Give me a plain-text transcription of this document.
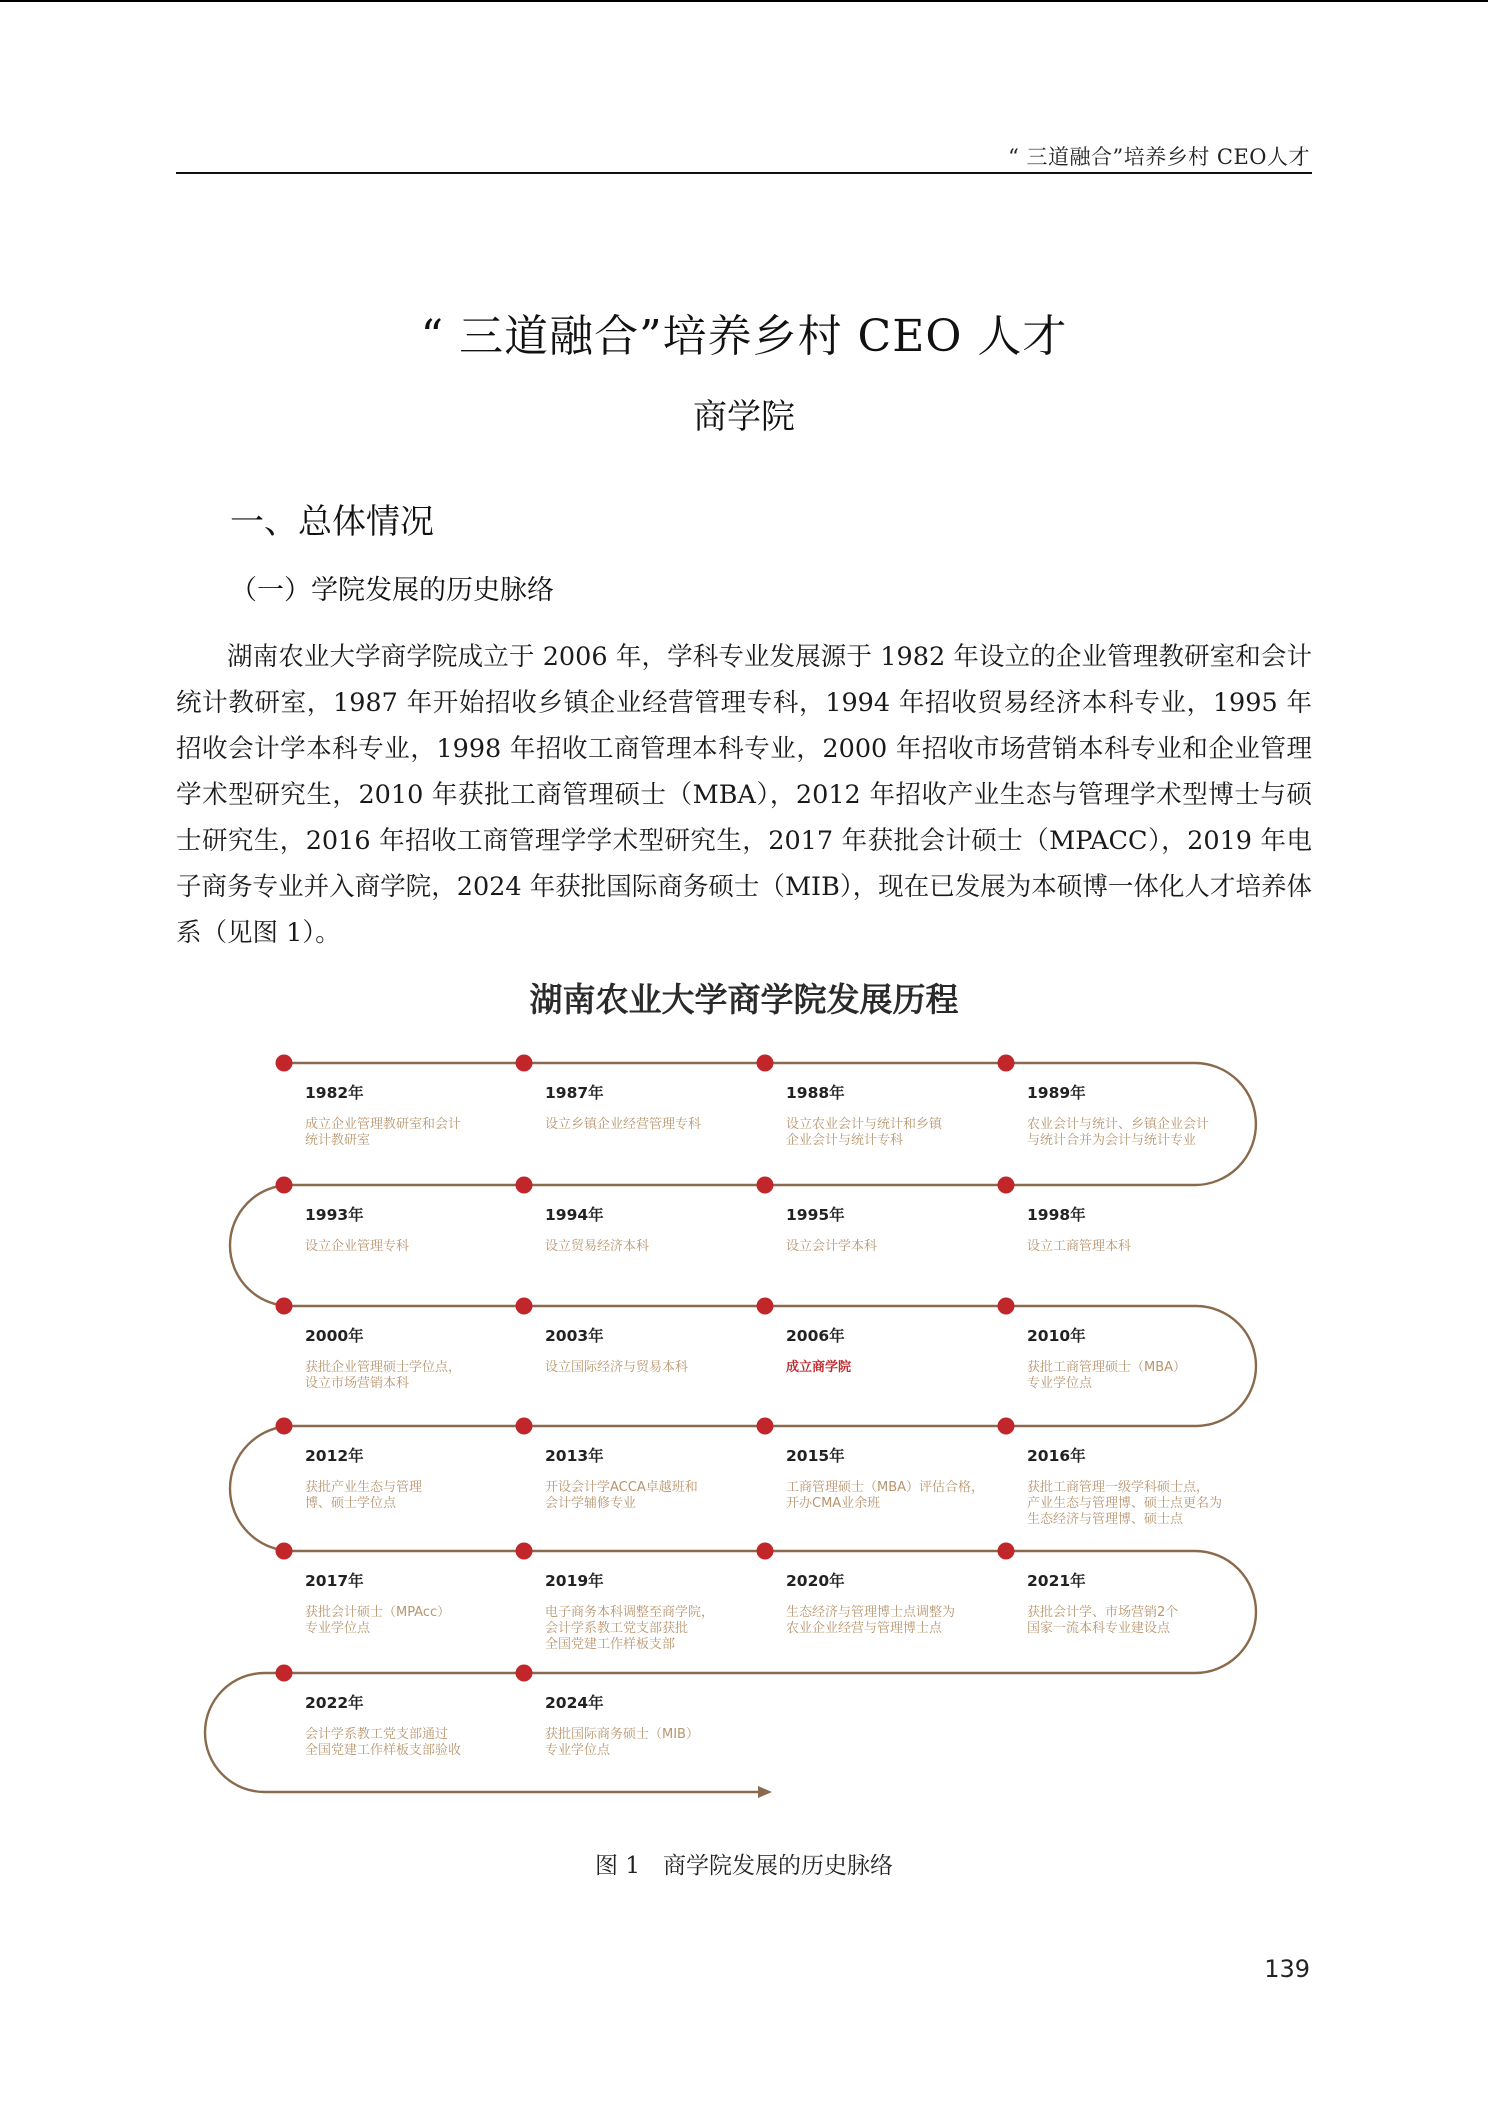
“ 三道融合”培养乡村 CEO人才
“ 三道融合”培养乡村 CEO 人才
商学院
一、总体情况
（一）学院发展的历史脉络

湖南农业大学商学院成立于 2006 年，学科专业发展源于 1982 年设立的企业管理教研室和会计统计教研室，1987 年开始招收乡镇企业经营管理专科，1994 年招收贸易经济本科专业，1995 年招收会计学本科专业，1998 年招收工商管理本科专业，2000 年招收市场营销本科专业和企业管理学术型研究生，2010 年获批工商管理硕士（MBA），2012 年招收产业生态与管理学术型博士与硕士研究生，2016 年招收工商管理学学术型研究生，2017 年获批会计硕士（MPACC），2019 年电子商务专业并入商学院，2024 年获批国际商务硕士（MIB），现在已发展为本硕博一体化人才培养体系（见图 1）。

湖南农业大学商学院发展历程
1982年
成立企业管理教研室和会计
统计教研室
1987年
设立乡镇企业经营管理专科
1988年
设立农业会计与统计和乡镇
企业会计与统计专科
1989年
农业会计与统计、乡镇企业会计
与统计合并为会计与统计专业
1993年
设立企业管理专科
1994年
设立贸易经济本科
1995年
设立会计学本科
1998年
设立工商管理本科
2000年
获批企业管理硕士学位点，
设立市场营销本科
2003年
设立国际经济与贸易本科
2006年
成立商学院
2010年
获批工商管理硕士（MBA）
专业学位点
2012年
获批产业生态与管理
博、硕士学位点
2013年
开设会计学ACCA卓越班和
会计学辅修专业
2015年
工商管理硕士（MBA）评估合格，
开办CMA业余班
2016年
获批工商管理一级学科硕士点，
产业生态与管理博、硕士点更名为
生态经济与管理博、硕士点
2017年
获批会计硕士（MPAcc）
专业学位点
2019年
电子商务本科调整至商学院，
会计学系教工党支部获批
全国党建工作样板支部
2020年
生态经济与管理博士点调整为
农业企业经营与管理博士点
2021年
获批会计学、市场营销2个
国家一流本科专业建设点
2022年
会计学系教工党支部通过
全国党建工作样板支部验收
2024年
获批国际商务硕士（MIB）
专业学位点
图 1　商学院发展的历史脉络
139
